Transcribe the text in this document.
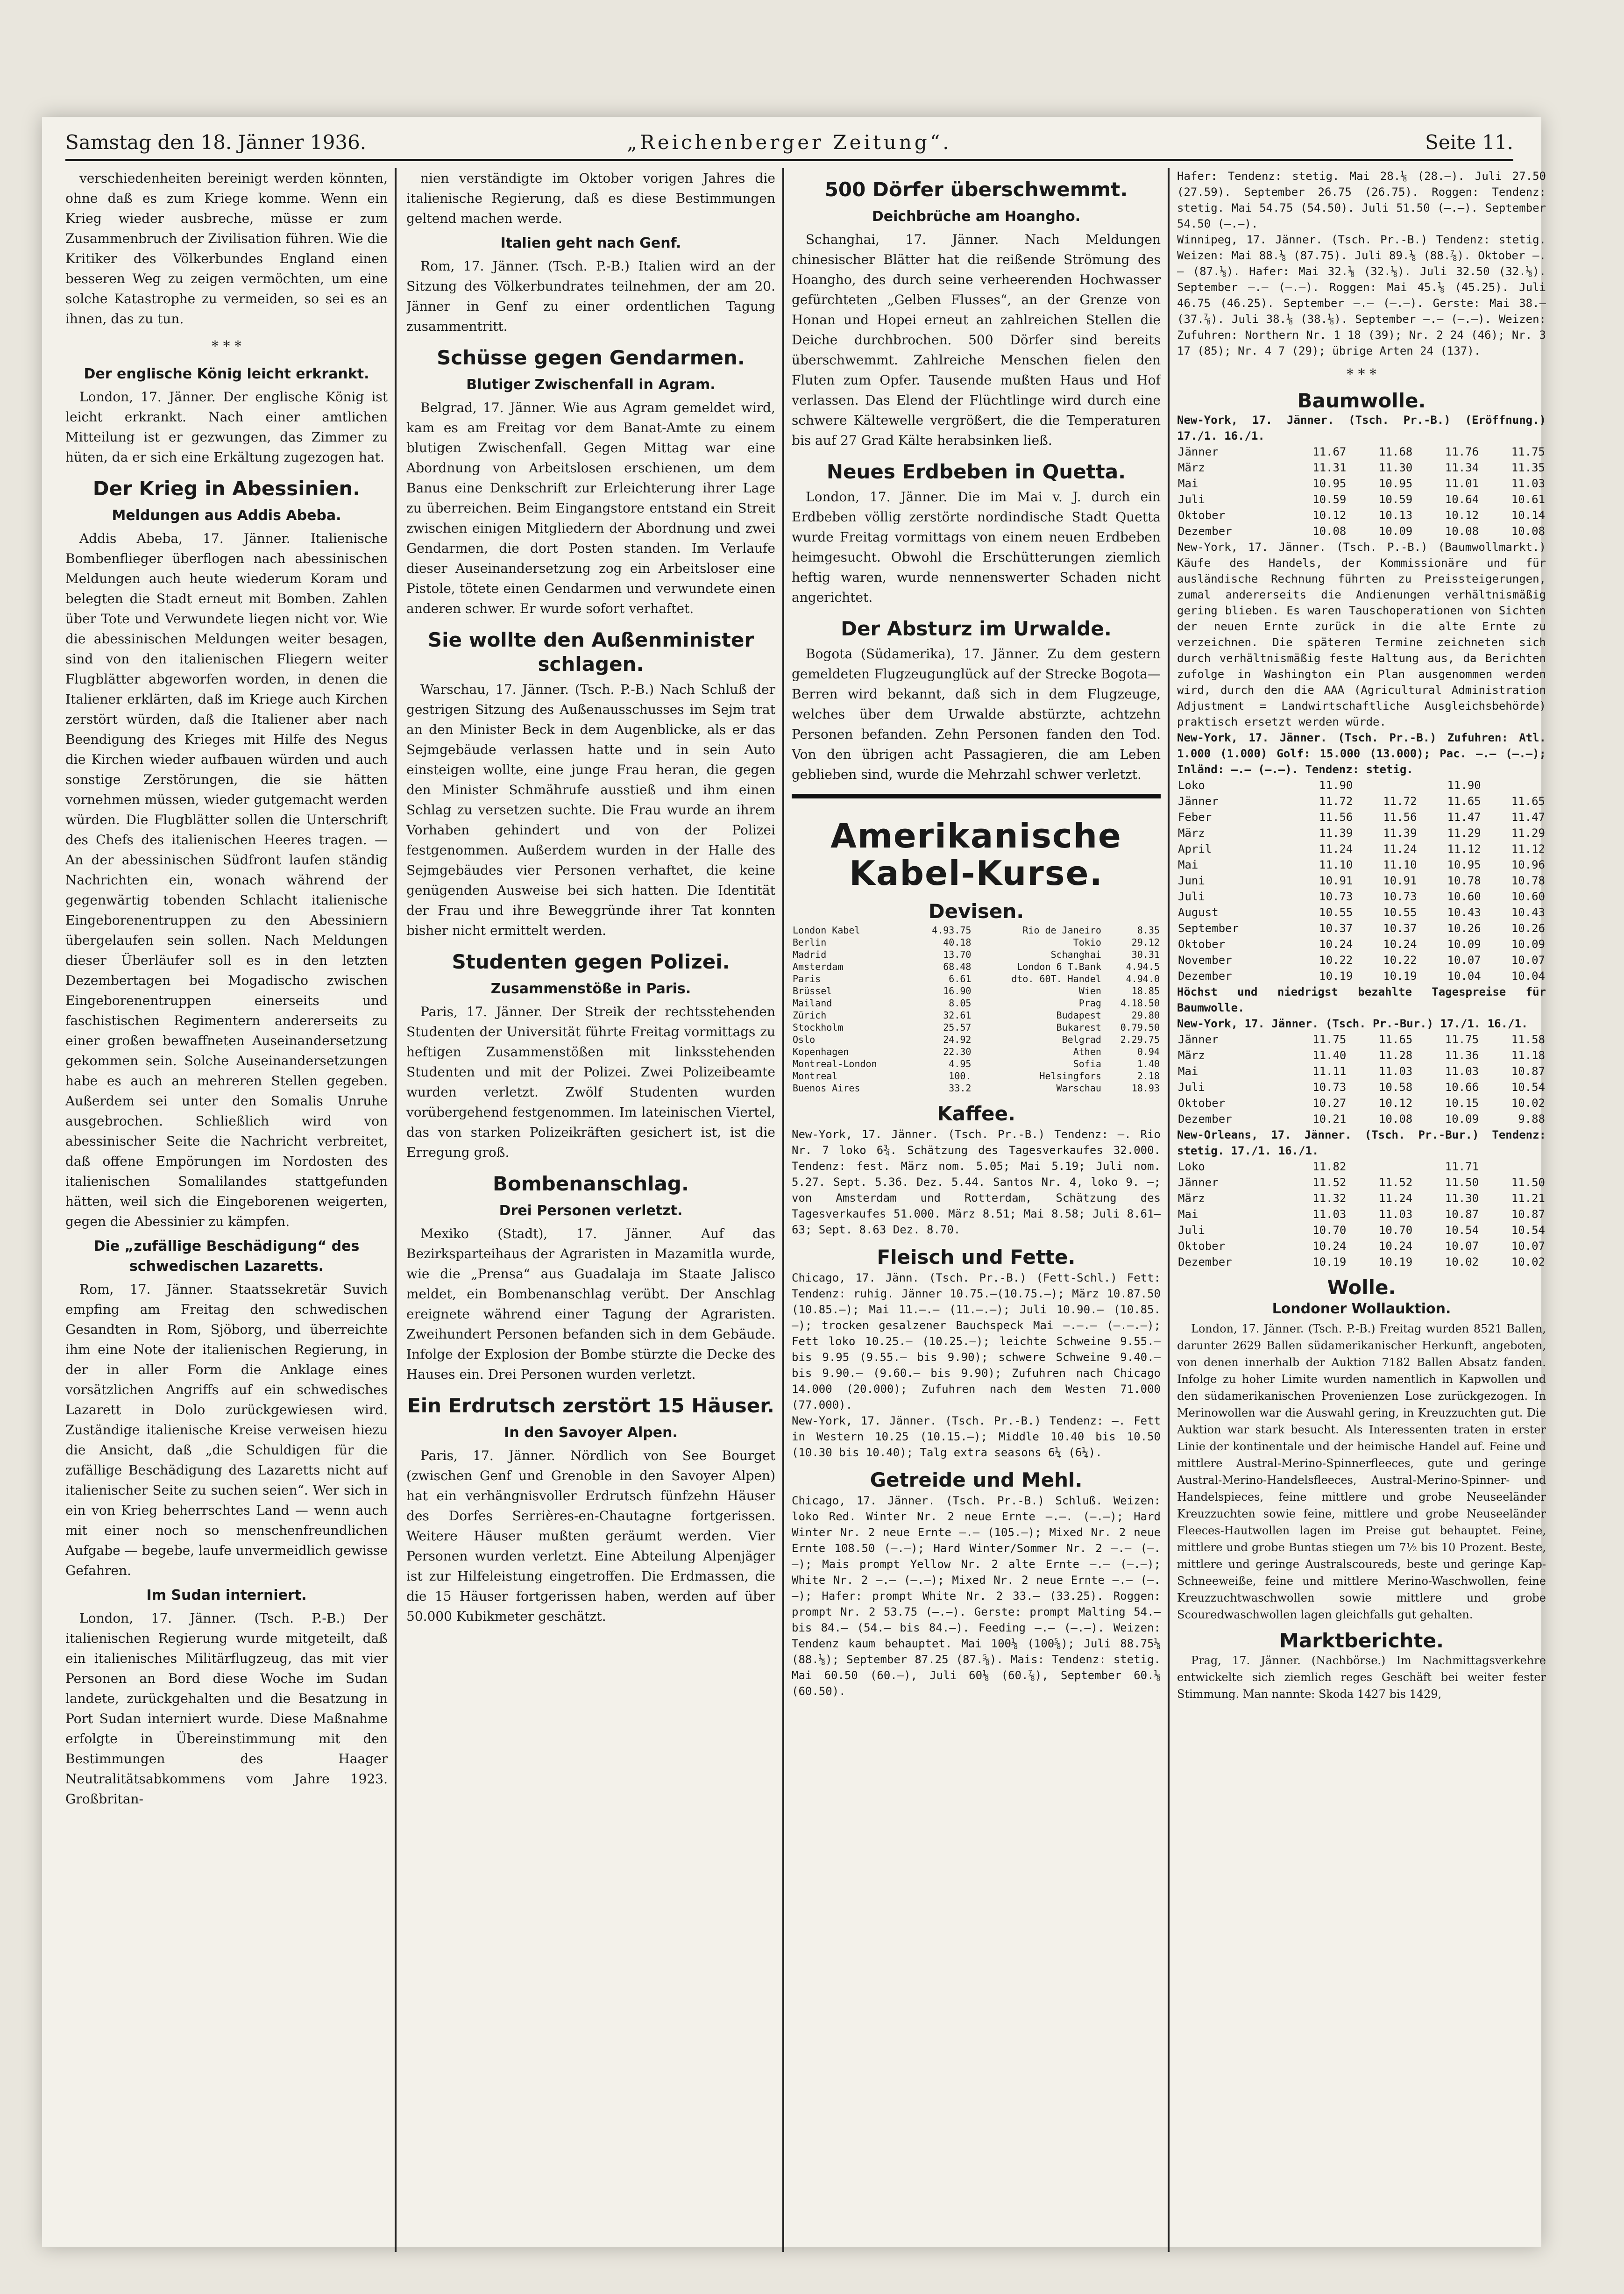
Samstag den 18. Jänner 1936.	„Reichenberger Zeitung“.	Seite 11.

verschiedenheiten bereinigt werden könnten, ohne daß es zum Kriege komme. Wenn ein Krieg wieder ausbreche, müsse er zum Zusammenbruch der Zivilisation führen. Wie die Kritiker des Völkerbundes England einen besseren Weg zu zeigen vermöchten, um eine solche Katastrophe zu vermeiden, so sei es an ihnen, das zu tun.

* * *
Der englische König leicht erkrankt.

London, 17. Jänner. Der englische König ist leicht erkrankt. Nach einer amtlichen Mitteilung ist er gezwungen, das Zimmer zu hüten, da er sich eine Erkältung zugezogen hat.

Der Krieg in Abessinien.
Meldungen aus Addis Abeba.

Addis Abeba, 17. Jänner. Italienische Bombenflieger überflogen nach abessinischen Meldungen auch heute wiederum Koram und belegten die Stadt erneut mit Bomben. Zahlen über Tote und Verwundete liegen nicht vor. Wie die abessinischen Meldungen weiter besagen, sind von den italienischen Fliegern weiter Flugblätter abgeworfen worden, in denen die Italiener erklärten, daß im Kriege auch Kirchen zerstört würden, daß die Italiener aber nach Beendigung des Krieges mit Hilfe des Negus die Kirchen wieder aufbauen würden und auch sonstige Zerstörungen, die sie hätten vornehmen müssen, wieder gutgemacht werden würden. Die Flugblätter sollen die Unterschrift des Chefs des italienischen Heeres tragen. — An der abessinischen Südfront laufen ständig Nachrichten ein, wonach während der gegenwärtig tobenden Schlacht italienische Eingeborenentruppen zu den Abessiniern übergelaufen sein sollen. Nach Meldungen dieser Überläufer soll es in den letzten Dezembertagen bei Mogadischo zwischen Eingeborenentruppen einerseits und faschistischen Regimentern andererseits zu einer großen bewaffneten Auseinandersetzung gekommen sein. Solche Auseinandersetzungen habe es auch an mehreren Stellen gegeben. Außerdem sei unter den Somalis Unruhe ausgebrochen. Schließlich wird von abessinischer Seite die Nachricht verbreitet, daß offene Empörungen im Nordosten des italienischen Somalilandes stattgefunden hätten, weil sich die Eingeborenen weigerten, gegen die Abessinier zu kämpfen.

Die „zufällige Beschädigung“ des schwedischen Lazaretts.

Rom, 17. Jänner. Staatssekretär Suvich empfing am Freitag den schwedischen Gesandten in Rom, Sjöborg, und überreichte ihm eine Note der italienischen Regierung, in der in aller Form die Anklage eines vorsätzlichen Angriffs auf ein schwedisches Lazarett in Dolo zurückgewiesen wird. Zuständige italienische Kreise verweisen hiezu die Ansicht, daß „die Schuldigen für die zufällige Beschädigung des Lazaretts nicht auf italienischer Seite zu suchen seien“. Wer sich in ein von Krieg beherrschtes Land — wenn auch mit einer noch so menschenfreundlichen Aufgabe — begebe, laufe unvermeidlich gewisse Gefahren.

Im Sudan interniert.

London, 17. Jänner. (Tsch. P.-B.) Der italienischen Regierung wurde mitgeteilt, daß ein italienisches Militärflugzeug, das mit vier Personen an Bord diese Woche im Sudan landete, zurückgehalten und die Besatzung in Port Sudan interniert wurde. Diese Maßnahme erfolgte in Übereinstimmung mit den Bestimmungen des Haager Neutralitätsabkommens vom Jahre 1923. Großbritan-

nien verständigte im Oktober vorigen Jahres die italienische Regierung, daß es diese Bestimmungen geltend machen werde.

Italien geht nach Genf.

Rom, 17. Jänner. (Tsch. P.-B.) Italien wird an der Sitzung des Völkerbundrates teilnehmen, der am 20. Jänner in Genf zu einer ordentlichen Tagung zusammentritt.

Schüsse gegen Gendarmen.
Blutiger Zwischenfall in Agram.

Belgrad, 17. Jänner. Wie aus Agram gemeldet wird, kam es am Freitag vor dem Banat-Amte zu einem blutigen Zwischenfall. Gegen Mittag war eine Abordnung von Arbeitslosen erschienen, um dem Banus eine Denkschrift zur Erleichterung ihrer Lage zu überreichen. Beim Eingangstore entstand ein Streit zwischen einigen Mitgliedern der Abordnung und zwei Gendarmen, die dort Posten standen. Im Verlaufe dieser Auseinandersetzung zog ein Arbeitsloser eine Pistole, tötete einen Gendarmen und verwundete einen anderen schwer. Er wurde sofort verhaftet.

Sie wollte den Außenminister schlagen.

Warschau, 17. Jänner. (Tsch. P.-B.) Nach Schluß der gestrigen Sitzung des Außenausschusses im Sejm trat an den Minister Beck in dem Augenblicke, als er das Sejmgebäude verlassen hatte und in sein Auto einsteigen wollte, eine junge Frau heran, die gegen den Minister Schmährufe ausstieß und ihm einen Schlag zu versetzen suchte. Die Frau wurde an ihrem Vorhaben gehindert und von der Polizei festgenommen. Außerdem wurden in der Halle des Sejmgebäudes vier Personen verhaftet, die keine genügenden Ausweise bei sich hatten. Die Identität der Frau und ihre Beweggründe ihrer Tat konnten bisher nicht ermittelt werden.

Studenten gegen Polizei.
Zusammenstöße in Paris.

Paris, 17. Jänner. Der Streik der rechtsstehenden Studenten der Universität führte Freitag vormittags zu heftigen Zusammenstößen mit linksstehenden Studenten und mit der Polizei. Zwei Polizeibeamte wurden verletzt. Zwölf Studenten wurden vorübergehend festgenommen. Im lateinischen Viertel, das von starken Polizeikräften gesichert ist, ist die Erregung groß.

Bombenanschlag.
Drei Personen verletzt.

Mexiko (Stadt), 17. Jänner. Auf das Bezirksparteihaus der Agraristen in Mazamitla wurde, wie die „Prensa“ aus Guadalaja im Staate Jalisco meldet, ein Bombenanschlag verübt. Der Anschlag ereignete während einer Tagung der Agraristen. Zweihundert Personen befanden sich in dem Gebäude. Infolge der Explosion der Bombe stürzte die Decke des Hauses ein. Drei Personen wurden verletzt.

Ein Erdrutsch zerstört 15 Häuser.
In den Savoyer Alpen.

Paris, 17. Jänner. Nördlich von See Bourget (zwischen Genf und Grenoble in den Savoyer Alpen) hat ein verhängnisvoller Erdrutsch fünfzehn Häuser des Dorfes Serrières-en-Chautagne fortgerissen. Weitere Häuser mußten geräumt werden. Vier Personen wurden verletzt. Eine Abteilung Alpenjäger ist zur Hilfeleistung eingetroffen. Die Erdmassen, die die 15 Häuser fortgerissen haben, werden auf über 50.000 Kubikmeter geschätzt.

500 Dörfer überschwemmt.
Deichbrüche am Hoangho.

Schanghai, 17. Jänner. Nach Meldungen chinesischer Blätter hat die reißende Strömung des Hoangho, des durch seine verheerenden Hochwasser gefürchteten „Gelben Flusses“, an der Grenze von Honan und Hopei erneut an zahlreichen Stellen die Deiche durchbrochen. 500 Dörfer sind bereits überschwemmt. Zahlreiche Menschen fielen den Fluten zum Opfer. Tausende mußten Haus und Hof verlassen. Das Elend der Flüchtlinge wird durch eine schwere Kältewelle vergrößert, die die Temperaturen bis auf 27 Grad Kälte herabsinken ließ.

Neues Erdbeben in Quetta.

London, 17. Jänner. Die im Mai v. J. durch ein Erdbeben völlig zerstörte nordindische Stadt Quetta wurde Freitag vormittags von einem neuen Erdbeben heimgesucht. Obwohl die Erschütterungen ziemlich heftig waren, wurde nennenswerter Schaden nicht angerichtet.

Der Absturz im Urwalde.

Bogota (Südamerika), 17. Jänner. Zu dem gestern gemeldeten Flugzeugunglück auf der Strecke Bogota—Berren wird bekannt, daß sich in dem Flugzeuge, welches über dem Urwalde abstürzte, achtzehn Personen befanden. Zehn Personen fanden den Tod. Von den übrigen acht Passagieren, die am Leben geblieben sind, wurde die Mehrzahl schwer verletzt.

Amerikanische Kabel-Kurse.
Devisen.
London Kabel	4.93.75	Rio de Janeiro	8.35
Berlin	40.18	Tokio	29.12
Madrid	13.70	Schanghai	30.31
Amsterdam	68.48	London 6 T.Bank	4.94.5
Paris	6.61	dto. 60T. Handel	4.94.0
Brüssel	16.90	Wien	18.85
Mailand	8.05	Prag	4.18.50
Zürich	32.61	Budapest	29.80
Stockholm	25.57	Bukarest	0.79.50
Oslo	24.92	Belgrad	2.29.75
Kopenhagen	22.30	Athen	0.94
Montreal-London	4.95	Sofia	1.40
Montreal	100.	Helsingfors	2.18
Buenos Aires	33.2	Warschau	18.93
Kaffee.
New-York, 17. Jänner. (Tsch. Pr.-B.) Tendenz: —. Rio Nr. 7 loko 6¾. Schätzung des Tagesverkaufes 32.000. Tendenz: fest. März nom. 5.05; Mai 5.19; Juli nom. 5.27. Sept. 5.36. Dez. 5.44. Santos Nr. 4, loko 9. —; von Amsterdam und Rotterdam, Schätzung des Tagesverkaufes 51.000. März 8.51; Mai 8.58; Juli 8.61—63; Sept. 8.63 Dez. 8.70.
Fleisch und Fette.
Chicago, 17. Jänn. (Tsch. Pr.-B.) (Fett-Schl.) Fett: Tendenz: ruhig. Jänner 10.75.—(10.75.—); März 10.87.50 (10.85.—); Mai 11.—.— (11.—.—); Juli 10.90.— (10.85.—); trocken gesalzener Bauchspeck Mai —.—.— (—.—.—); Fett loko 10.25.— (10.25.—); leichte Schweine 9.55.— bis 9.95 (9.55.— bis 9.90); schwere Schweine 9.40.— bis 9.90.— (9.60.— bis 9.90); Zufuhren nach Chicago 14.000 (20.000); Zufuhren nach dem Westen 71.000 (77.000).
New-York, 17. Jänner. (Tsch. Pr.-B.) Tendenz: —. Fett in Western 10.25 (10.15.—); Middle 10.40 bis 10.50 (10.30 bis 10.40); Talg extra seasons 6¼ (6¼).
Getreide und Mehl.
Chicago, 17. Jänner. (Tsch. Pr.-B.) Schluß. Weizen: loko Red. Winter Nr. 2 neue Ernte —.—. (—.—); Hard Winter Nr. 2 neue Ernte —.— (105.—); Mixed Nr. 2 neue Ernte 108.50 (—.—); Hard Winter/Sommer Nr. 2 —.— (—.—); Mais prompt Yellow Nr. 2 alte Ernte —.— (—.—); White Nr. 2 —.— (—.—); Mixed Nr. 2 neue Ernte —.— (—.—); Hafer: prompt White Nr. 2 33.— (33.25). Roggen: prompt Nr. 2 53.75 (—.—). Gerste: prompt Malting 54.— bis 84.— (54.— bis 84.—). Feeding —.— (—.—). Weizen: Tendenz kaum behauptet. Mai 100⅛ (100⅝); Juli 88.75⅛ (88.⅛); September 87.25 (87.⅝). Mais: Tendenz: stetig. Mai 60.50 (60.—), Juli 60⅛ (60.⅞), September 60.⅛ (60.50).
Hafer: Tendenz: stetig. Mai 28.⅛ (28.—). Juli 27.50 (27.59). September 26.75 (26.75). Roggen: Tendenz: stetig. Mai 54.75 (54.50). Juli 51.50 (—.—). September 54.50 (—.—).
Winnipeg, 17. Jänner. (Tsch. Pr.-B.) Tendenz: stetig. Weizen: Mai 88.⅛ (87.75). Juli 89.⅛ (88.⅞). Oktober —.— (87.⅛). Hafer: Mai 32.⅛ (32.⅛). Juli 32.50 (32.⅛). September —.— (—.—). Roggen: Mai 45.⅛ (45.25). Juli 46.75 (46.25). September —.— (—.—). Gerste: Mai 38.— (37.⅞). Juli 38.⅛ (38.⅛). September —.— (—.—). Weizen: Zufuhren: Northern Nr. 1 18 (39); Nr. 2 24 (46); Nr. 3 17 (85); Nr. 4 7 (29); übrige Arten 24 (137).
* * *
Baumwolle.
New-York, 17. Jänner. (Tsch. Pr.-B.) (Eröffnung.) 17./1. 16./1.
Jänner	11.67	11.68	11.76	11.75
März	11.31	11.30	11.34	11.35
Mai	10.95	10.95	11.01	11.03
Juli	10.59	10.59	10.64	10.61
Oktober	10.12	10.13	10.12	10.14
Dezember	10.08	10.09	10.08	10.08
New-York, 17. Jänner. (Tsch. P.-B.) (Baumwollmarkt.) Käufe des Handels, der Kommissionäre und für ausländische Rechnung führten zu Preissteigerungen, zumal andererseits die Andienungen verhältnismäßig gering blieben. Es waren Tauschoperationen von Sichten der neuen Ernte zurück in die alte Ernte zu verzeichnen. Die späteren Termine zeichneten sich durch verhältnismäßig feste Haltung aus, da Berichten zufolge in Washington ein Plan ausgenommen werden wird, durch den die AAA (Agricultural Administration Adjustment = Landwirtschaftliche Ausgleichsbehörde) praktisch ersetzt werden würde.
New-York, 17. Jänner. (Tsch. Pr.-B.) Zufuhren: Atl. 1.000 (1.000) Golf: 15.000 (13.000); Pac. —.— (—.—); Inländ: —.— (—.—). Tendenz: stetig.
Loko	11.90		11.90	
Jänner	11.72	11.72	11.65	11.65
Feber	11.56	11.56	11.47	11.47
März	11.39	11.39	11.29	11.29
April	11.24	11.24	11.12	11.12
Mai	11.10	11.10	10.95	10.96
Juni	10.91	10.91	10.78	10.78
Juli	10.73	10.73	10.60	10.60
August	10.55	10.55	10.43	10.43
September	10.37	10.37	10.26	10.26
Oktober	10.24	10.24	10.09	10.09
November	10.22	10.22	10.07	10.07
Dezember	10.19	10.19	10.04	10.04
Höchst und niedrigst bezahlte Tagespreise für Baumwolle.
New-York, 17. Jänner. (Tsch. Pr.-Bur.) 17./1. 16./1.
Jänner	11.75	11.65	11.75	11.58
März	11.40	11.28	11.36	11.18
Mai	11.11	11.03	11.03	10.87
Juli	10.73	10.58	10.66	10.54
Oktober	10.27	10.12	10.15	10.02
Dezember	10.21	10.08	10.09	9.88
New-Orleans, 17. Jänner. (Tsch. Pr.-Bur.) Tendenz: stetig. 17./1. 16./1.
Loko	11.82		11.71	
Jänner	11.52	11.52	11.50	11.50
März	11.32	11.24	11.30	11.21
Mai	11.03	11.03	10.87	10.87
Juli	10.70	10.70	10.54	10.54
Oktober	10.24	10.24	10.07	10.07
Dezember	10.19	10.19	10.02	10.02
Wolle.
Londoner Wollauktion.

London, 17. Jänner. (Tsch. P.-B.) Freitag wurden 8521 Ballen, darunter 2629 Ballen südamerikanischer Herkunft, angeboten, von denen innerhalb der Auktion 7182 Ballen Absatz fanden. Infolge zu hoher Limite wurden namentlich in Kapwollen und den südamerikanischen Provenienzen Lose zurückgezogen. In Merinowollen war die Auswahl gering, in Kreuzzuchten gut. Die Auktion war stark besucht. Als Interessenten traten in erster Linie der kontinentale und der heimische Handel auf. Feine und mittlere Austral-Merino-Spinnerfleeces, gute und geringe Austral-Merino-Handelsfleeces, Austral-Merino-Spinner- und Handelspieces, feine mittlere und grobe Neuseeländer Kreuzzuchten sowie feine, mittlere und grobe Neuseeländer Fleeces-Hautwollen lagen im Preise gut behauptet. Feine, mittlere und grobe Buntas stiegen um 7½ bis 10 Prozent. Beste, mittlere und geringe Australscoureds, beste und geringe Kap-Schneeweiße, feine und mittlere Merino-Waschwollen, feine Kreuzzuchtwaschwollen sowie mittlere und grobe Scouredwaschwollen lagen gleichfalls gut gehalten.

Marktberichte.

Prag, 17. Jänner. (Nachbörse.) Im Nachmittagsverkehre entwickelte sich ziemlich reges Geschäft bei weiter fester Stimmung. Man nannte: Skoda 1427 bis 1429,
